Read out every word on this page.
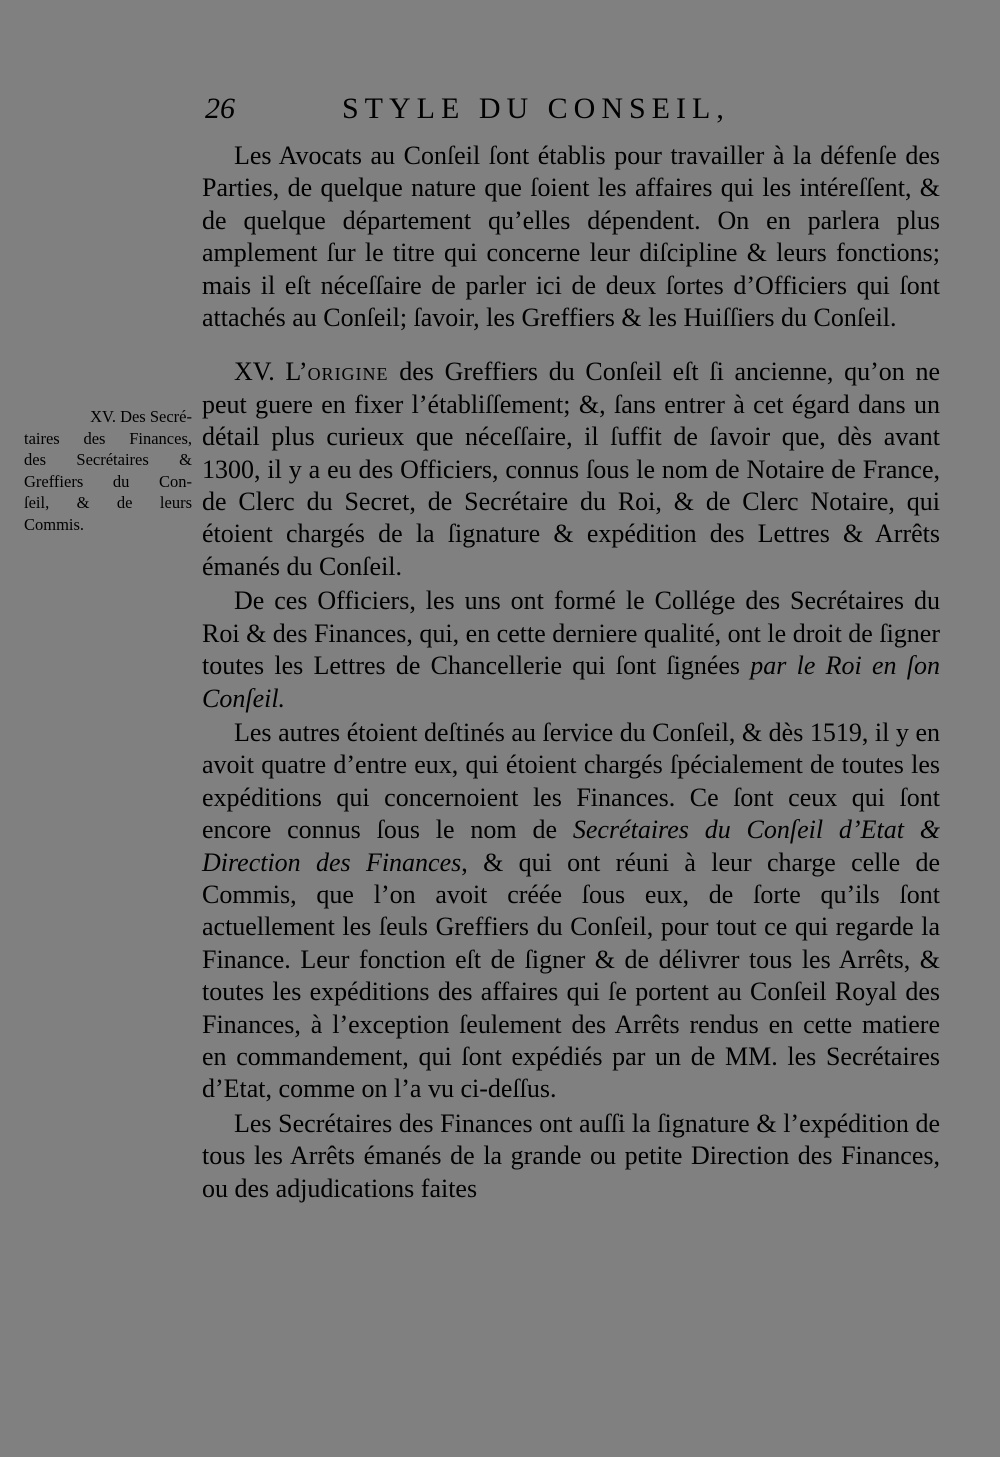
26	STYLE DU CONSEIL,
XV. Des Secré-
taires des Finances,
des Secrétaires &
Greffiers du Con-
ſeil, & de leurs
Commis.

Les Avocats au Conſeil ſont établis pour travailler à la défenſe des Parties, de quelque nature que ſoient les affaires qui les intéreſſent, & de quelque département qu’elles dépendent. On en parlera plus amplement ſur le titre qui concerne leur diſcipline & leurs fonctions; mais il eſt néceſſaire de parler ici de deux ſortes d’Officiers qui ſont attachés au Conſeil; ſavoir, les Greffiers & les Huiſſiers du Conſeil.

XV. L’origine des Greffiers du Conſeil eſt ſi ancienne, qu’on ne peut guere en fixer l’établiſſement; &, ſans entrer à cet égard dans un détail plus curieux que néceſſaire, il ſuffit de ſavoir que, dès avant 1300, il y a eu des Officiers, connus ſous le nom de Notaire de France, de Clerc du Secret, de Secrétaire du Roi, & de Clerc Notaire, qui étoient chargés de la ſignature & expédition des Lettres & Arrêts émanés du Conſeil.

De ces Officiers, les uns ont formé le Collége des Secrétaires du Roi & des Finances, qui, en cette derniere qualité, ont le droit de ſigner toutes les Lettres de Chancellerie qui ſont ſignées par le Roi en ſon Conſeil.

Les autres étoient deſtinés au ſervice du Conſeil, & dès 1519, il y en avoit quatre d’entre eux, qui étoient chargés ſpécialement de toutes les expéditions qui concernoient les Finances. Ce ſont ceux qui ſont encore connus ſous le nom de Secrétaires du Conſeil d’Etat & Direction des Finances, & qui ont réuni à leur charge celle de Commis, que l’on avoit créée ſous eux, de ſorte qu’ils ſont actuellement les ſeuls Greffiers du Conſeil, pour tout ce qui regarde la Finance. Leur fonction eſt de ſigner & de délivrer tous les Arrêts, & toutes les expéditions des affaires qui ſe portent au Conſeil Royal des Finances, à l’exception ſeulement des Arrêts rendus en cette matiere en commandement, qui ſont expédiés par un de MM. les Secrétaires d’Etat, comme on l’a vu ci-deſſus.

Les Secrétaires des Finances ont auſſi la ſignature & l’expédition de tous les Arrêts émanés de la grande ou petite Direction des Finances, ou des adjudications faites
